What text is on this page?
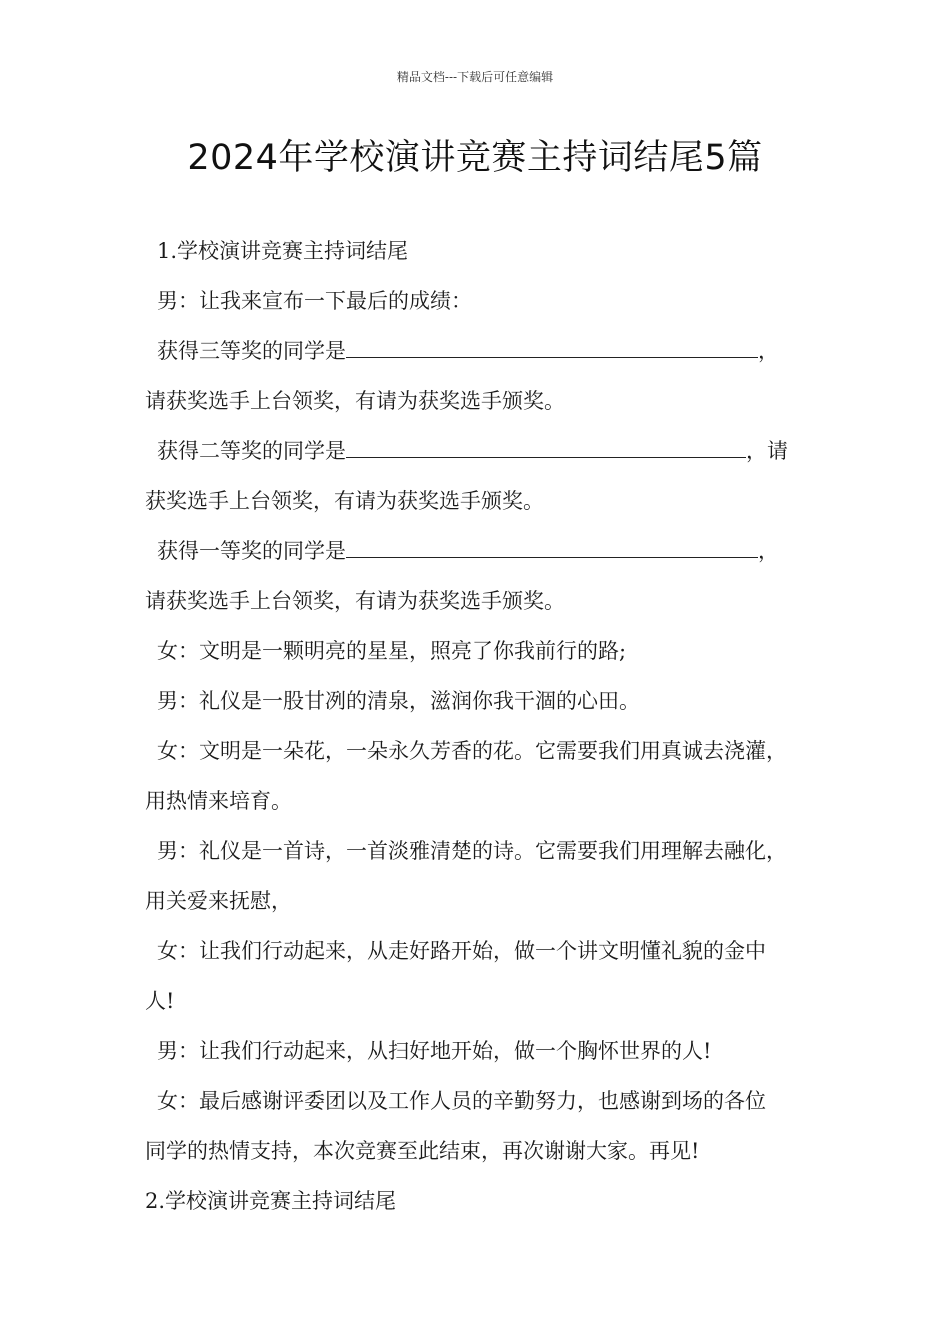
精品文档---下载后可任意编辑
2024年学校演讲竞赛主持词结尾5篇
1.学校演讲竞赛主持词结尾
男：让我来宣布一下最后的成绩：
获得三等奖的同学是	，
请获奖选手上台领奖，有请为获奖选手颁奖。
获得二等奖的同学是	，请
获奖选手上台领奖，有请为获奖选手颁奖。
获得一等奖的同学是	，
请获奖选手上台领奖，有请为获奖选手颁奖。
女：文明是一颗明亮的星星，照亮了你我前行的路;
男：礼仪是一股甘冽的清泉，滋润你我干涸的心田。
女：文明是一朵花，一朵永久芳香的花。它需要我们用真诚去浇灌，
用热情来培育。
男：礼仪是一首诗，一首淡雅清楚的诗。它需要我们用理解去融化，
用关爱来抚慰，
女：让我们行动起来，从走好路开始，做一个讲文明懂礼貌的金中
人!
男：让我们行动起来，从扫好地开始，做一个胸怀世界的人!
女：最后感谢评委团以及工作人员的辛勤努力，也感谢到场的各位
同学的热情支持，本次竞赛至此结束，再次谢谢大家。再见!
2.学校演讲竞赛主持词结尾
